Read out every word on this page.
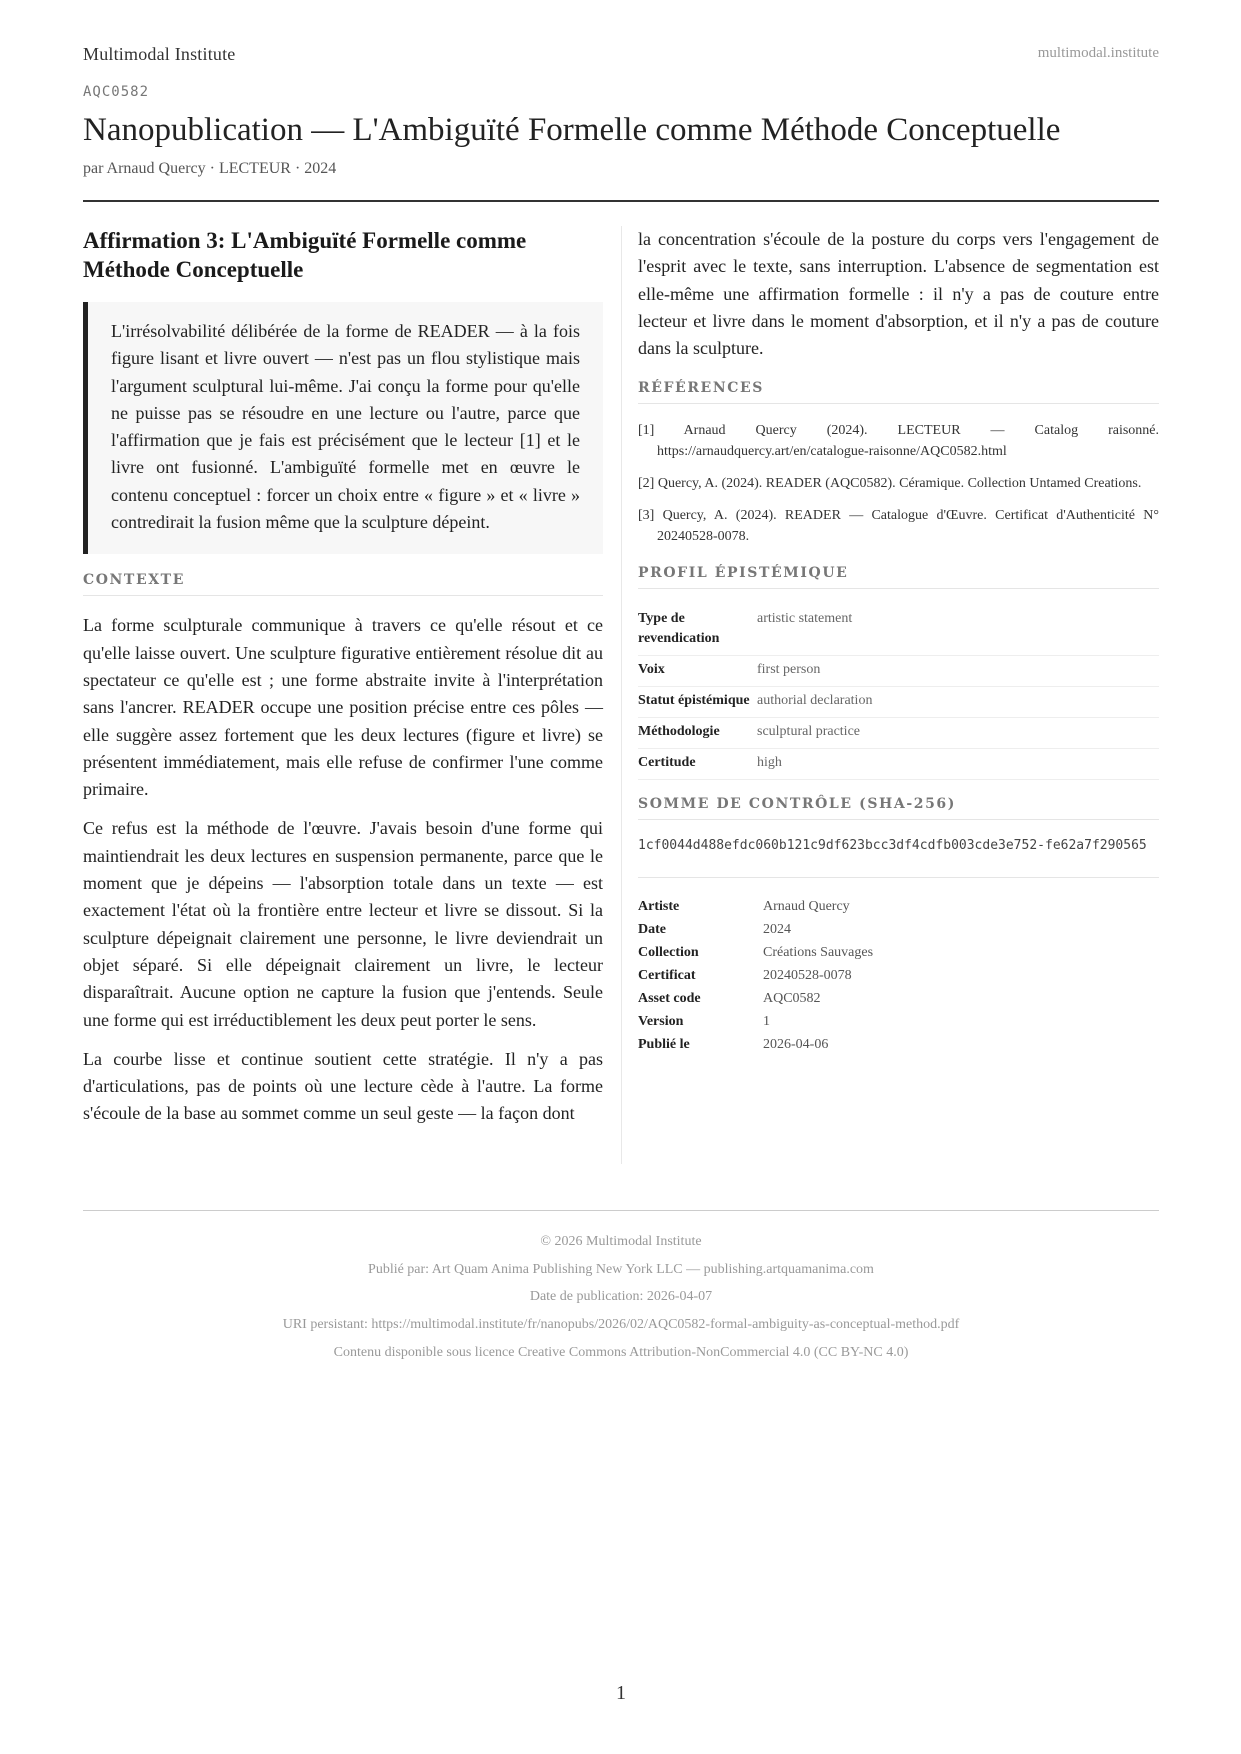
Multimodal Institute	multimodal.institute
AQC0582
Nanopublication — L'Ambiguïté Formelle comme Méthode Conceptuelle
par Arnaud Quercy · LECTEUR · 2024
Affirmation 3: L'Ambiguïté Formelle comme Méthode Conceptuelle
L'irrésolvabilité délibérée de la forme de READER — à la fois figure lisant et livre ouvert — n'est pas un flou stylistique mais l'argument sculptural lui-même. J'ai conçu la forme pour qu'elle ne puisse pas se résoudre en une lecture ou l'autre, parce que l'affirmation que je fais est précisément que le lecteur [1] et le livre ont fusionné. L'ambiguïté formelle met en œuvre le contenu conceptuel : forcer un choix entre « figure » et « livre » contredirait la fusion même que la sculpture dépeint.
CONTEXTE

La forme sculpturale communique à travers ce qu'elle résout et ce qu'elle laisse ouvert. Une sculpture figurative entièrement résolue dit au spectateur ce qu'elle est ; une forme abstraite invite à l'interprétation sans l'ancrer. READER occupe une position précise entre ces pôles — elle suggère assez fortement que les deux lectures (figure et livre) se présentent immédiatement, mais elle refuse de confirmer l'une comme primaire.

Ce refus est la méthode de l'œuvre. J'avais besoin d'une forme qui maintiendrait les deux lectures en suspension permanente, parce que le moment que je dépeins — l'absorption totale dans un texte — est exactement l'état où la frontière entre lecteur et livre se dissout. Si la sculpture dépeignait clairement une personne, le livre deviendrait un objet séparé. Si elle dépeignait clairement un livre, le lecteur disparaîtrait. Aucune option ne capture la fusion que j'entends. Seule une forme qui est irréductiblement les deux peut porter le sens.

La courbe lisse et continue soutient cette stratégie. Il n'y a pas d'articulations, pas de points où une lecture cède à l'autre. La forme s'écoule de la base au sommet comme un seul geste — la façon dont

la concentration s'écoule de la posture du corps vers l'engagement de l'esprit avec le texte, sans interruption. L'absence de segmentation est elle-même une affirmation formelle : il n'y a pas de couture entre lecteur et livre dans le moment d'absorption, et il n'y a pas de couture dans la sculpture.

RÉFÉRENCES
[1] Arnaud Quercy (2024). LECTEUR — Catalog raisonné. https://arnaudquercy.art/en/catalogue-raisonne/AQC0582.html
[2] Quercy, A. (2024). READER (AQC0582). Céramique. Collection Untamed Creations.
[3] Quercy, A. (2024). READER — Catalogue d'Œuvre. Certificat d'Authenticité N° 20240528-0078.
PROFIL ÉPISTÉMIQUE
Type de revendication	artistic statement
Voix	first person
Statut épistémique	authorial declaration
Méthodologie	sculptural practice
Certitude	high
SOMME DE CONTRÔLE (SHA-256)
1cf0044d488efdc060b121c9df623bcc3df4cdfb003cde3e752-fe62a7f290565
Artiste	Arnaud Quercy
Date	2024
Collection	Créations Sauvages
Certificat	20240528-0078
Asset code	AQC0582
Version	1
Publié le	2026-04-06
© 2026 Multimodal Institute
Publié par: Art Quam Anima Publishing New York LLC — publishing.artquamanima.com
Date de publication: 2026-04-07
URI persistant: https://multimodal.institute/fr/nanopubs/2026/02/AQC0582-formal-ambiguity-as-conceptual-method.pdf
Contenu disponible sous licence Creative Commons Attribution-NonCommercial 4.0 (CC BY-NC 4.0)
1
